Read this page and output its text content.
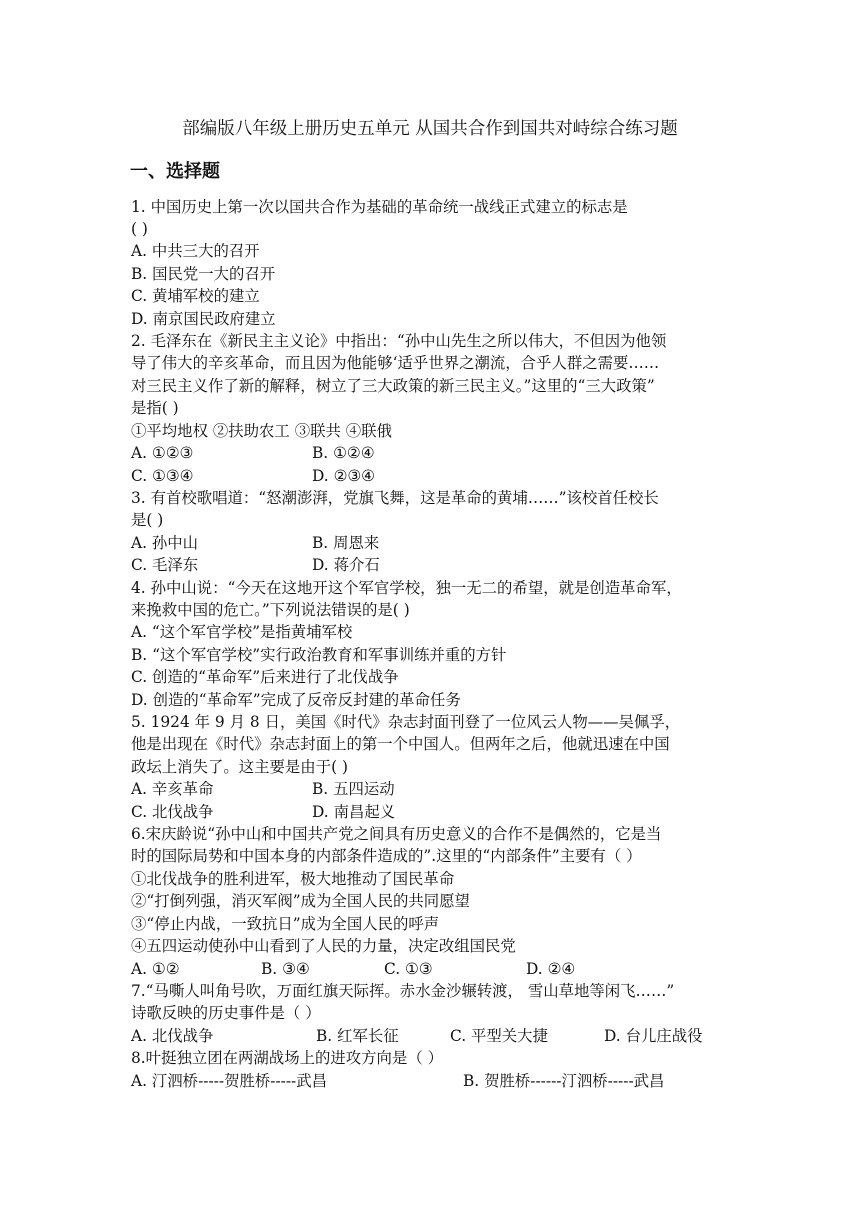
部编版八年级上册历史五单元 从国共合作到国共对峙综合练习题
一、选择题
1. 中国历史上第一次以国共合作为基础的革命统一战线正式建立的标志是
( )
A. 中共三大的召开
B. 国民党一大的召开
C. 黄埔军校的建立
D. 南京国民政府建立
2. 毛泽东在《新民主主义论》中指出：“孙中山先生之所以伟大，不但因为他领
导了伟大的辛亥革命，而且因为他能够‘适乎世界之潮流，合乎人群之需要……
对三民主义作了新的解释，树立了三大政策的新三民主义。”这里的“三大政策”
是指( )
①平均地权 ②扶助农工 ③联共 ④联俄
A. ①②③	B. ①②④
C. ①③④	D. ②③④
3. 有首校歌唱道：“怒潮澎湃，党旗飞舞，这是革命的黄埔……”该校首任校长
是( )
A. 孙中山	B. 周恩来
C. 毛泽东	D. 蒋介石
4. 孙中山说：“今天在这地开这个军官学校，独一无二的希望，就是创造革命军，
来挽救中国的危亡。”下列说法错误的是( )
A. “这个军官学校”是指黄埔军校
B. “这个军官学校”实行政治教育和军事训练并重的方针
C. 创造的“革命军”后来进行了北伐战争
D. 创造的“革命军”完成了反帝反封建的革命任务
5. 1924 年 9 月 8 日，美国《时代》杂志封面刊登了一位风云人物——吴佩孚，
他是出现在《时代》杂志封面上的第一个中国人。但两年之后，他就迅速在中国
政坛上消失了。这主要是由于( )
A. 辛亥革命	B. 五四运动
C. 北伐战争	D. 南昌起义
6.宋庆龄说“孙中山和中国共产党之间具有历史意义的合作不是偶然的，它是当
时的国际局势和中国本身的内部条件造成的”.这里的“内部条件”主要有（ ）
①北伐战争的胜利进军，极大地推动了国民革命
②“打倒列强，消灭军阀”成为全国人民的共同愿望
③“停止内战，一致抗日”成为全国人民的呼声
④五四运动使孙中山看到了人民的力量，决定改组国民党
A. ①②	B. ③④	C. ①③	D. ②④
7.“马嘶人叫角号吹，万面红旗天际挥。赤水金沙辗转渡， 雪山草地等闲飞……”
诗歌反映的历史事件是（ ）
A. 北伐战争	B. 红军长征	C. 平型关大捷	D. 台儿庄战役
8.叶挺独立团在两湖战场上的进攻方向是（ ）
A. 汀泗桥-----贺胜桥-----武昌	B. 贺胜桥------汀泗桥-----武昌
